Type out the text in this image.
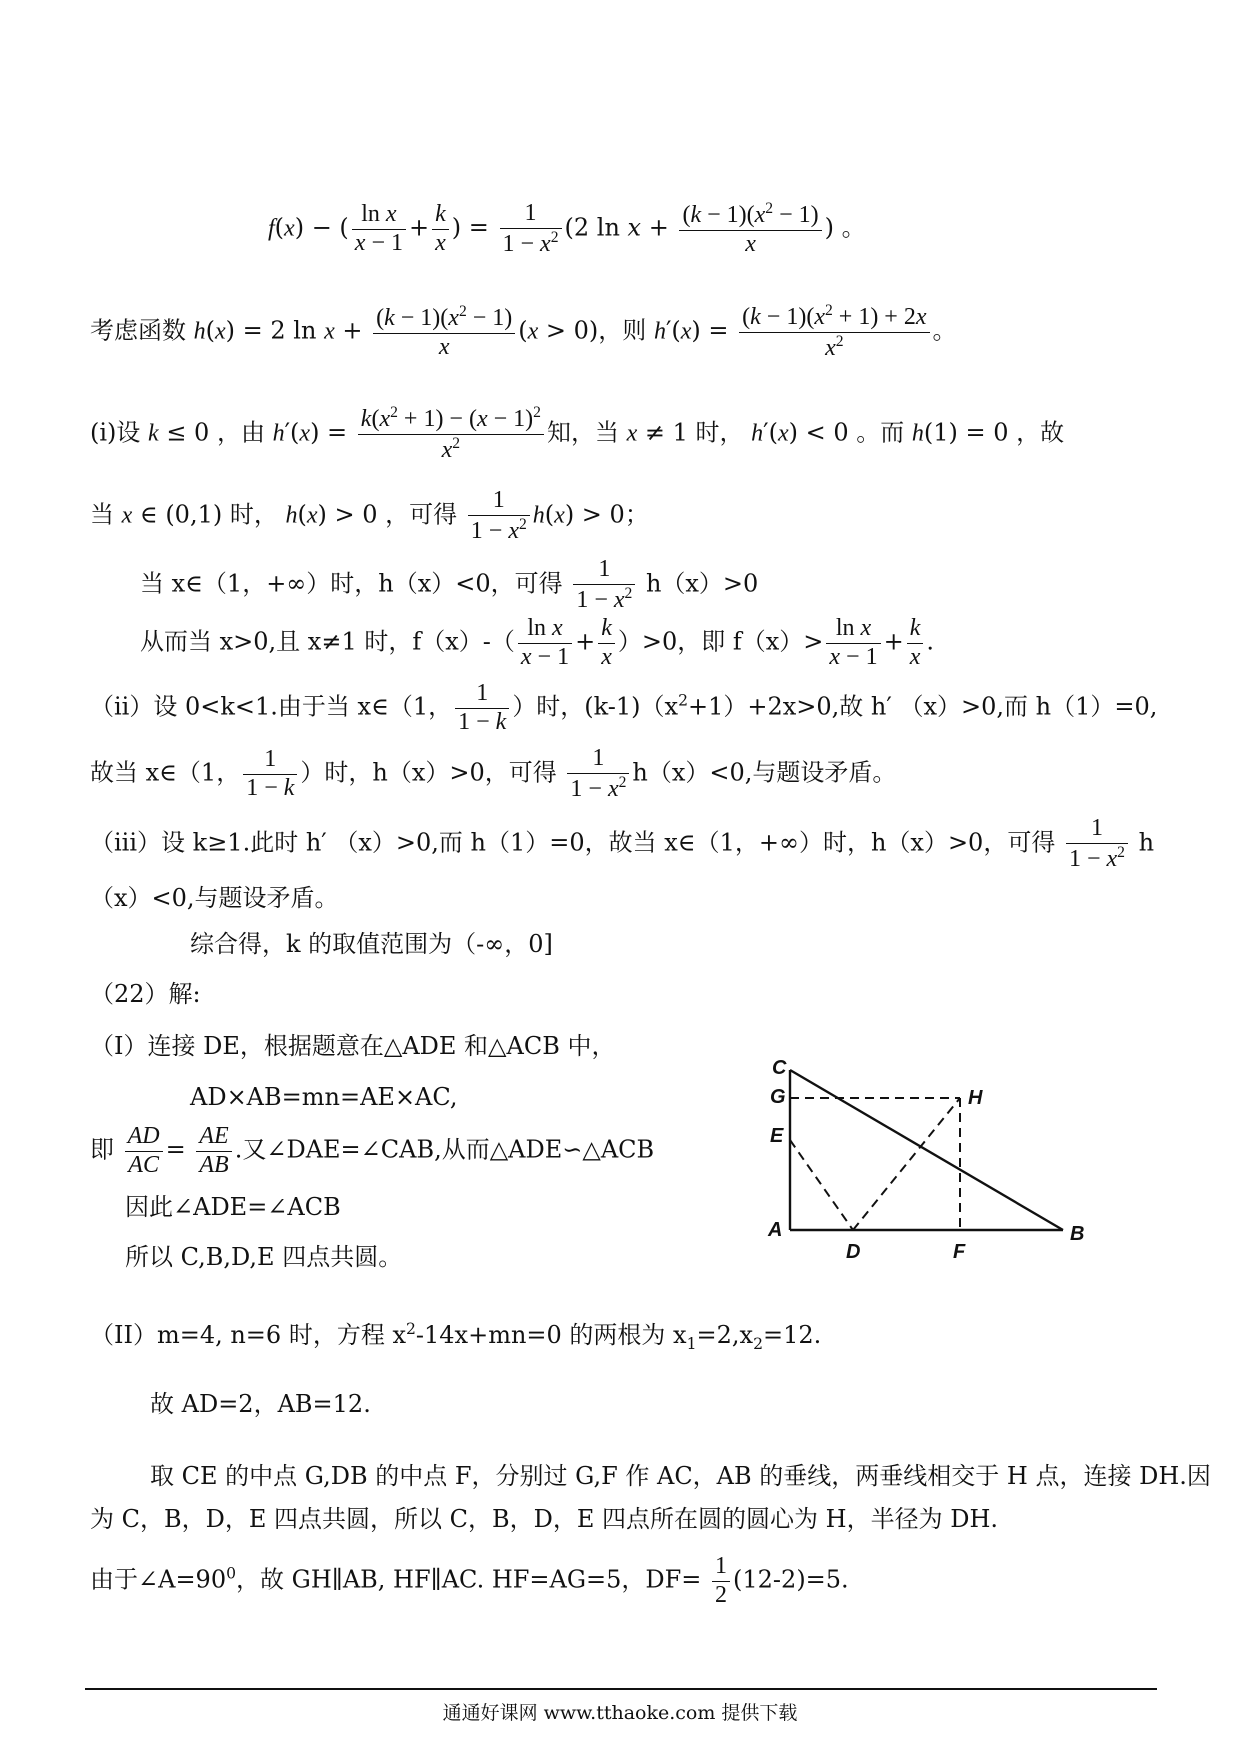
f(x) − ( $\frac{\text{ln x}}{x - 1} + \frac{k}{x}$ ) = $\frac{1}{1 - x^2} (2$ $\ln x + \frac{(k - 1)(x^2 - 1)}{x}$ ) 。
考虑函数 h(x) = 2 $\ln x + \frac{(k - 1)(x^2 - 1)}{x} (x > 0)$，则 $h'(x) = \frac{(k - 1)(x^2 + 1) + 2x}{x^2}$ 。
(i)设 k ≤ 0 ，由 $h'(x) = \frac{k(x^2 + 1) - (x - 1)^2}{x^2}$ 知，当 x ≠ 1 时， h′(x) < 0 。而 h(1) = 0 ，故
当 x ∈ (0,1) 时， h(x) > 0 ，可得 $\frac{1}{1 - x^2} h(x) > 0$；
当 x∈（1，+∞）时，h（x）<0，可得 $\frac{1}{1 - x^2} h(x)>0$
从而当 x>0,且 x≠1 时，$f(x)-( \frac{\text{ln x}}{x - 1} + \frac{k}{x} )>0$，即 $f(x)> \frac{\text{ln x}}{x - 1} + \frac{k}{x}$ .
（ii）设 0<k<1.由于当 x∈（1， $\frac{1}{1 - k}$ ）时，$(k-1)(x^2+1)+2x>0$,故 h′ （x）>0,而 h（1）=0,
故当 x∈（1， $\frac{1}{1 - k}$ ）时，h（x）>0，可得 $\frac{1}{1 - x^2} h(x)<0$,与题设矛盾。
（iii）设 k≥1.此时 h′ （x）>0,而 h（1）=0，故当 x∈（1，+∞）时，h（x）>0，可得 $\frac{1}{1 - x^2}$ h
（x）<0,与题设矛盾。
综合得，k 的取值范围为（-∞，0]
（22）解:
（I）连接 DE，根据题意在△ADE 和△ACB 中，
AD×AB=mn=AE×AC,
即 $\frac{AD}{AC} = \frac{AE}{AB}$ .又∠DAE=∠CAB,从而△ADE∽△ACB
因此∠ADE=∠ACB
所以 C,B,D,E 四点共圆。
（II）m=4, n=6 时，方程 $x^2-14x+mn=0$ 的两根为 $x_1=2,x_2=12$.
故 AD=2，AB=12.
取 CE 的中点 G,DB 的中点 F，分别过 G,F 作 AC，AB 的垂线，两垂线相交于 H 点，连接 DH.因
为 C，B，D，E 四点共圆，所以 C，B，D，E 四点所在圆的圆心为 H，半径为 DH.
由于$\angle A=90^0$，故 GH∥AB, HF∥AC. HF=AG=5，$DF= \frac{1}{2} (12-2)=5$.
C
G
E
A
D	F
B
H
通通好课网 www.tthaoke.com 提供下载
